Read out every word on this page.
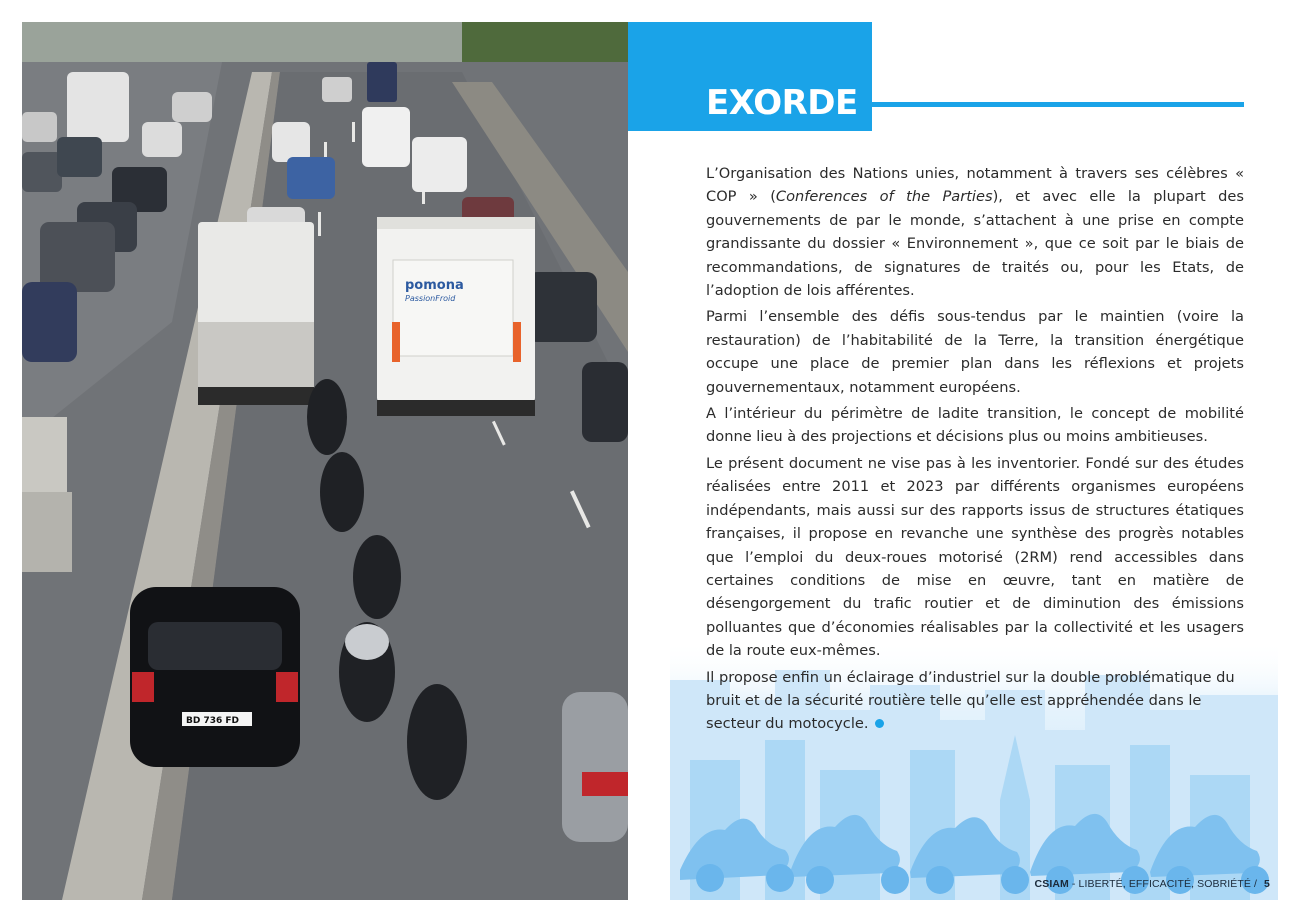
pomona
PassionFroid
BD 736 FD
EXORDE

L’Organisation des Nations unies, notamment à travers ses célèbres « COP » (Conferences of the Parties), et avec elle la plupart des gouvernements de par le monde, s’attachent à une prise en compte grandissante du dossier « Environnement », que ce soit par le biais de recommandations, de signatures de traités ou, pour les Etats, de l’adoption de lois afférentes.

Parmi l’ensemble des défis sous-tendus par le maintien (voire la restauration) de l’habitabilité de la Terre, la transition énergétique occupe une place de premier plan dans les réflexions et projets gouvernementaux, notamment européens.

A l’intérieur du périmètre de ladite transition, le concept de mobilité donne lieu à des projections et décisions plus ou moins ambitieuses.

Le présent document ne vise pas à les inventorier. Fondé sur des études réalisées entre 2011 et 2023 par différents organismes européens indépendants, mais aussi sur des rapports issus de structures étatiques françaises, il propose en revanche une synthèse des progrès notables que l’emploi du deux-roues motorisé (2RM) rend accessibles dans certaines conditions de mise en œuvre, tant en matière de désengorgement du trafic routier et de diminution des émissions polluantes que d’économies réalisables par la collectivité et les usagers de la route eux-mêmes.

Il propose enfin un éclairage d’industriel sur la double problématique du bruit et de la sécurité routière telle qu’elle est appréhendée dans le secteur du motocycle.

CSIAM - LIBERTÉ, EFFICACITÉ, SOBRIÉTÉ / 5
